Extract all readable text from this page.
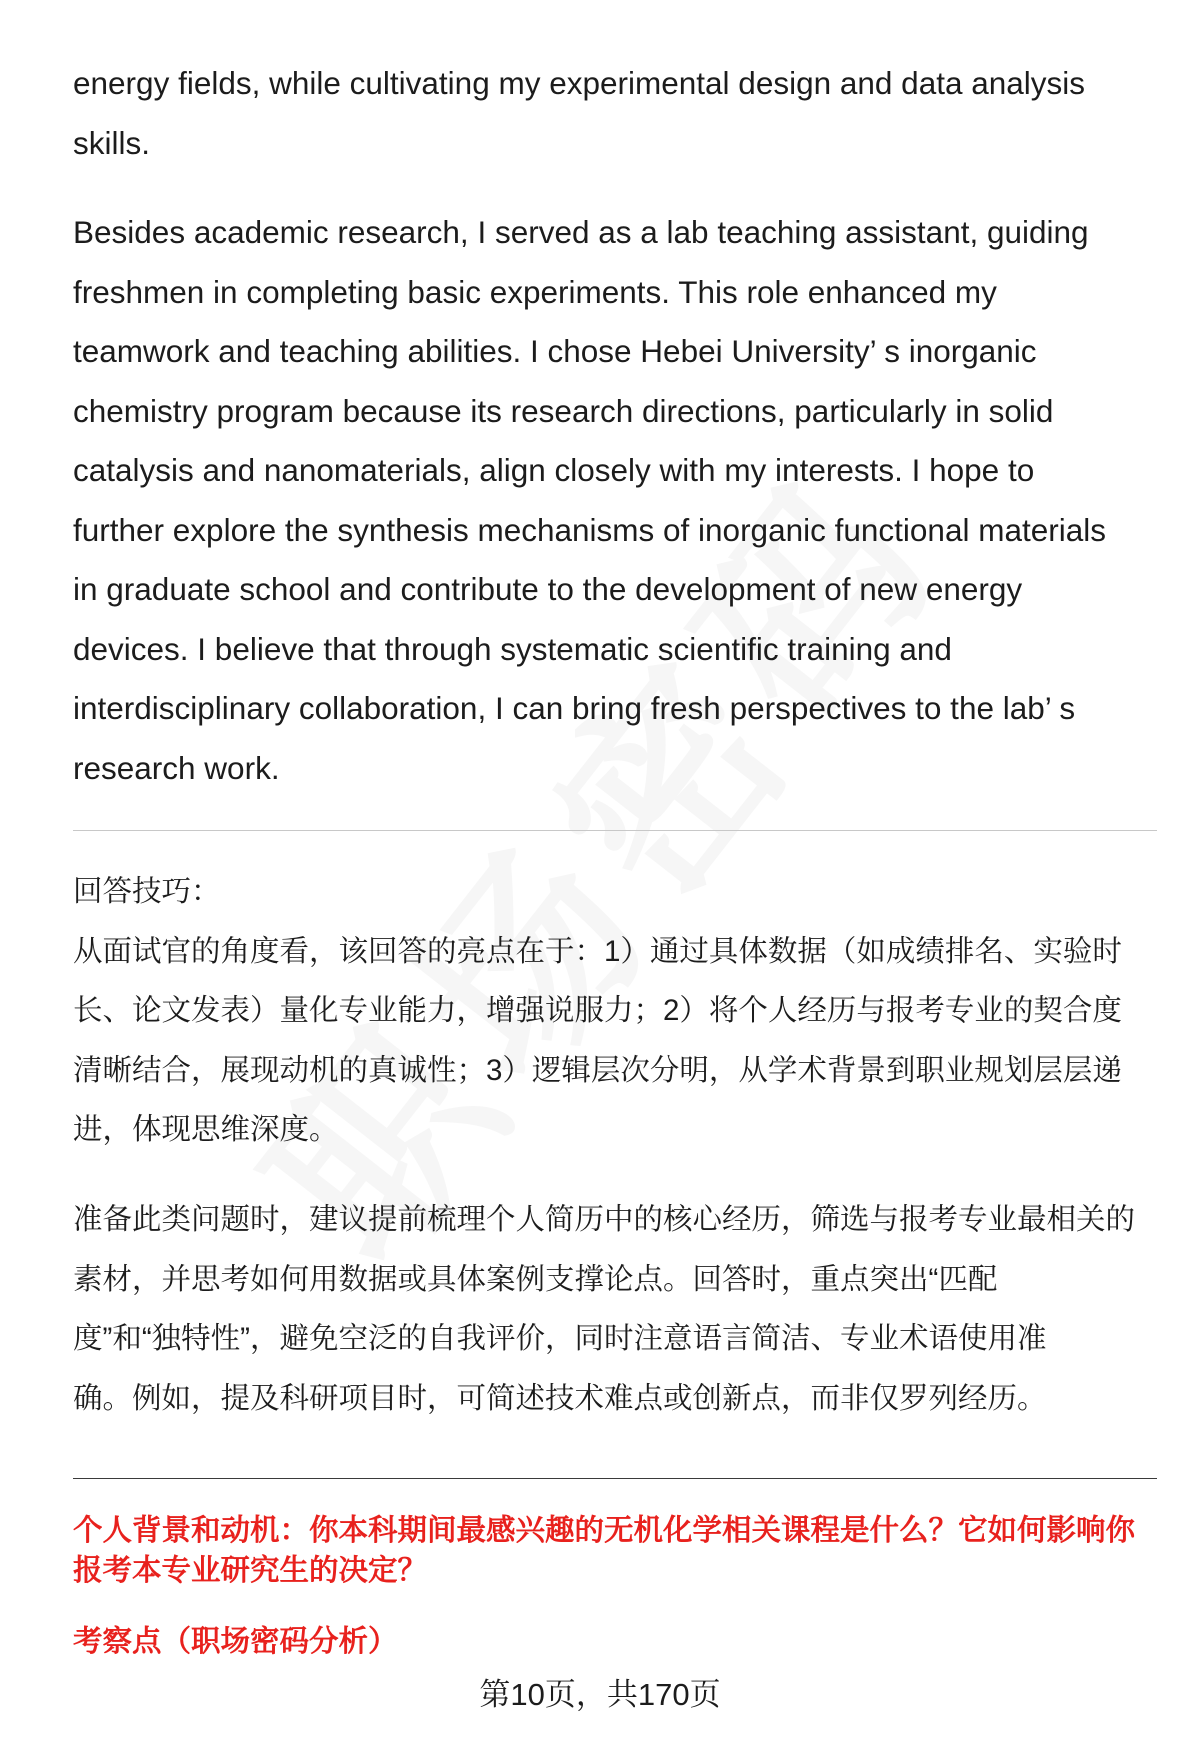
energy fields, while cultivating my experimental design and data analysis
skills.
Besides academic research, I served as a lab teaching assistant, guiding
freshmen in completing basic experiments. This role enhanced my
teamwork and teaching abilities. I chose Hebei University’ s inorganic
chemistry program because its research directions, particularly in solid
catalysis and nanomaterials, align closely with my interests. I hope to
further explore the synthesis mechanisms of inorganic functional materials
in graduate school and contribute to the development of new energy
devices. I believe that through systematic scientific training and
interdisciplinary collaboration, I can bring fresh perspectives to the lab’ s
research work.
回答技巧：
从面试官的角度看，该回答的亮点在于：1）通过具体数据（如成绩排名、实验时
长、论文发表）量化专业能力，增强说服力；2）将个人经历与报考专业的契合度
清晰结合，展现动机的真诚性；3）逻辑层次分明，从学术背景到职业规划层层递
进，体现思维深度。
准备此类问题时，建议提前梳理个人简历中的核心经历，筛选与报考专业最相关的
素材，并思考如何用数据或具体案例支撑论点。回答时，重点突出“匹配
度”和“独特性”，避免空泛的自我评价，同时注意语言简洁、专业术语使用准
确。例如，提及科研项目时，可简述技术难点或创新点，而非仅罗列经历。
个人背景和动机：你本科期间最感兴趣的无机化学相关课程是什么？它如何影响你
报考本专业研究生的决定？
考察点（职场密码分析）
第10页，共170页
